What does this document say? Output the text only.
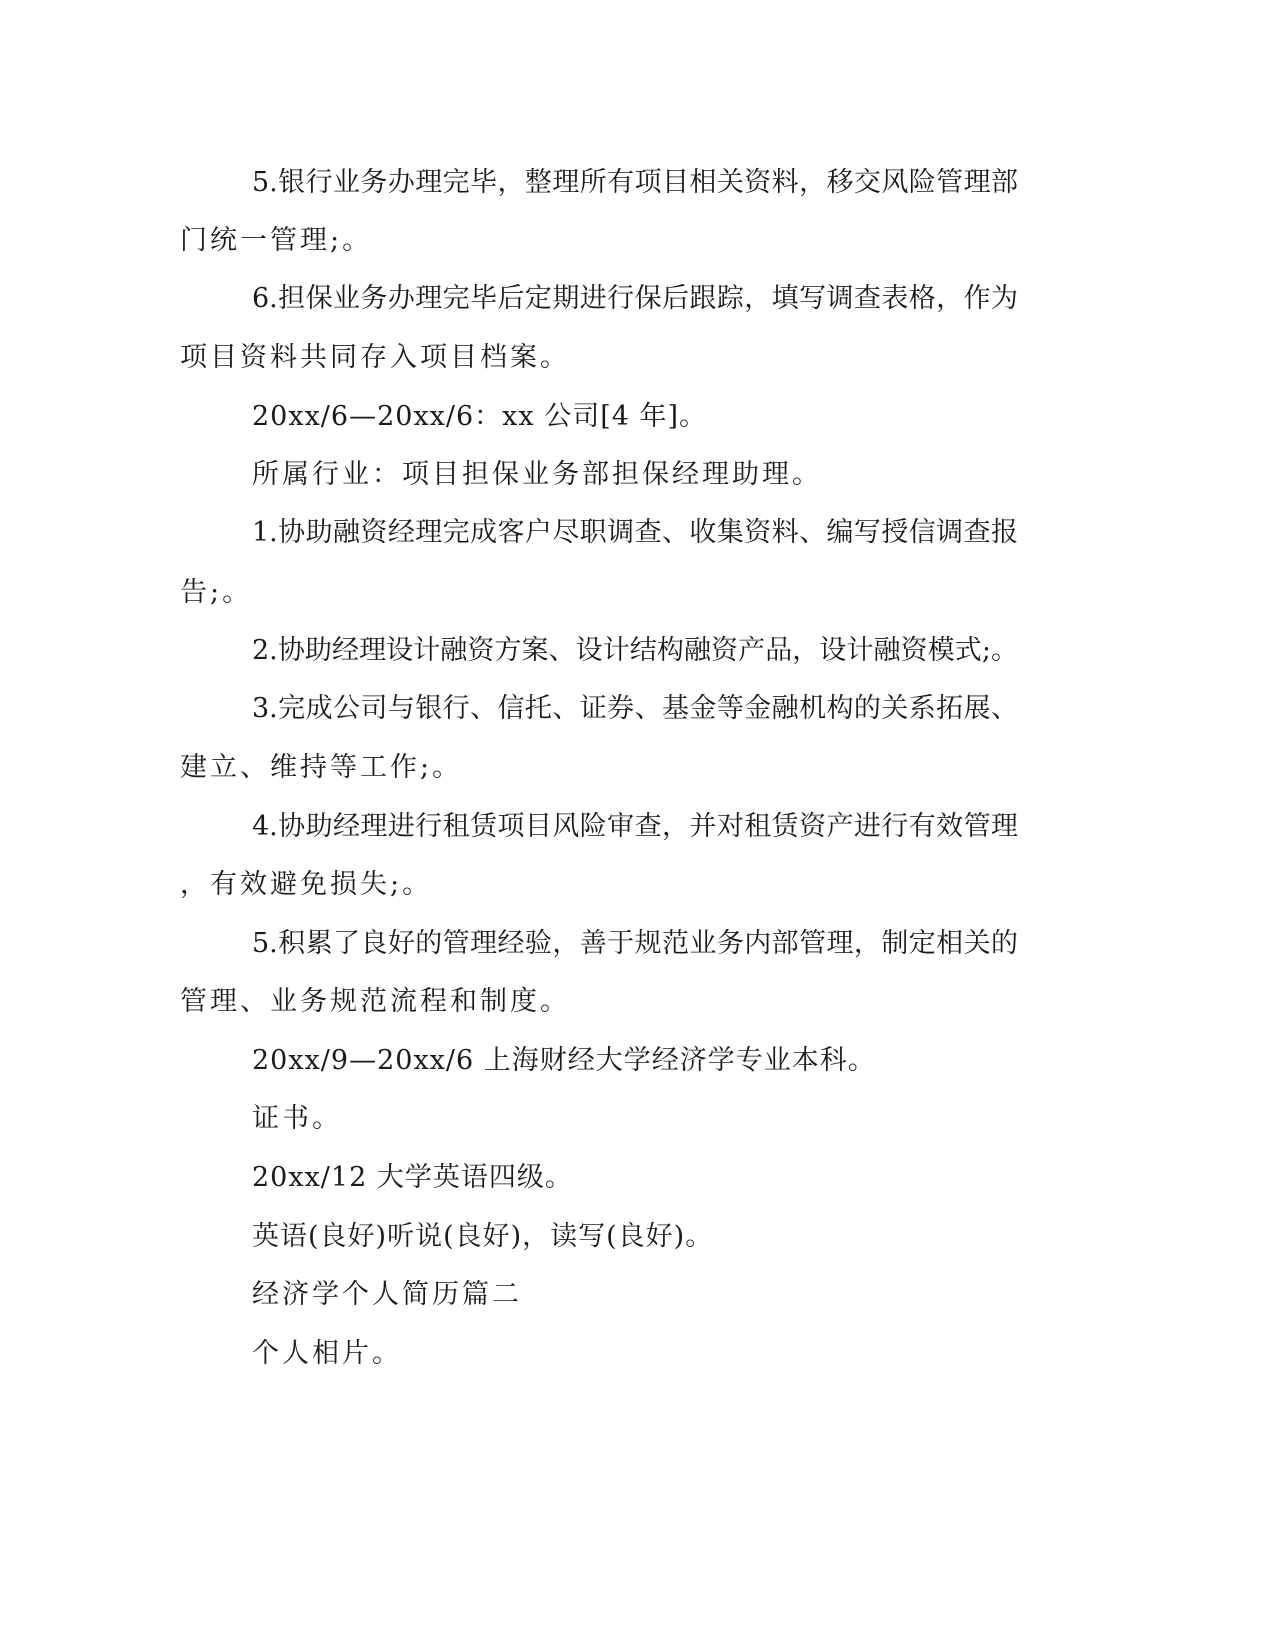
5.银行业务办理完毕，整理所有项目相关资料，移交风险管理部

门统一管理;。

6.担保业务办理完毕后定期进行保后跟踪，填写调查表格，作为

项目资料共同存入项目档案。

20xx/6—20xx/6：xx 公司[4 年]。

所属行业：项目担保业务部担保经理助理。

1.协助融资经理完成客户尽职调查、收集资料、编写授信调查报

告;。

2.协助经理设计融资方案、设计结构融资产品，设计融资模式;。

3.完成公司与银行、信托、证券、基金等金融机构的关系拓展、

建立、维持等工作;。

4.协助经理进行租赁项目风险审查，并对租赁资产进行有效管理

，有效避免损失;。

5.积累了良好的管理经验，善于规范业务内部管理，制定相关的

管理、业务规范流程和制度。

20xx/9—20xx/6 上海财经大学经济学专业本科。

证书。

20xx/12 大学英语四级。

英语(良好)听说(良好)，读写(良好)。

经济学个人简历篇二

个人相片。
